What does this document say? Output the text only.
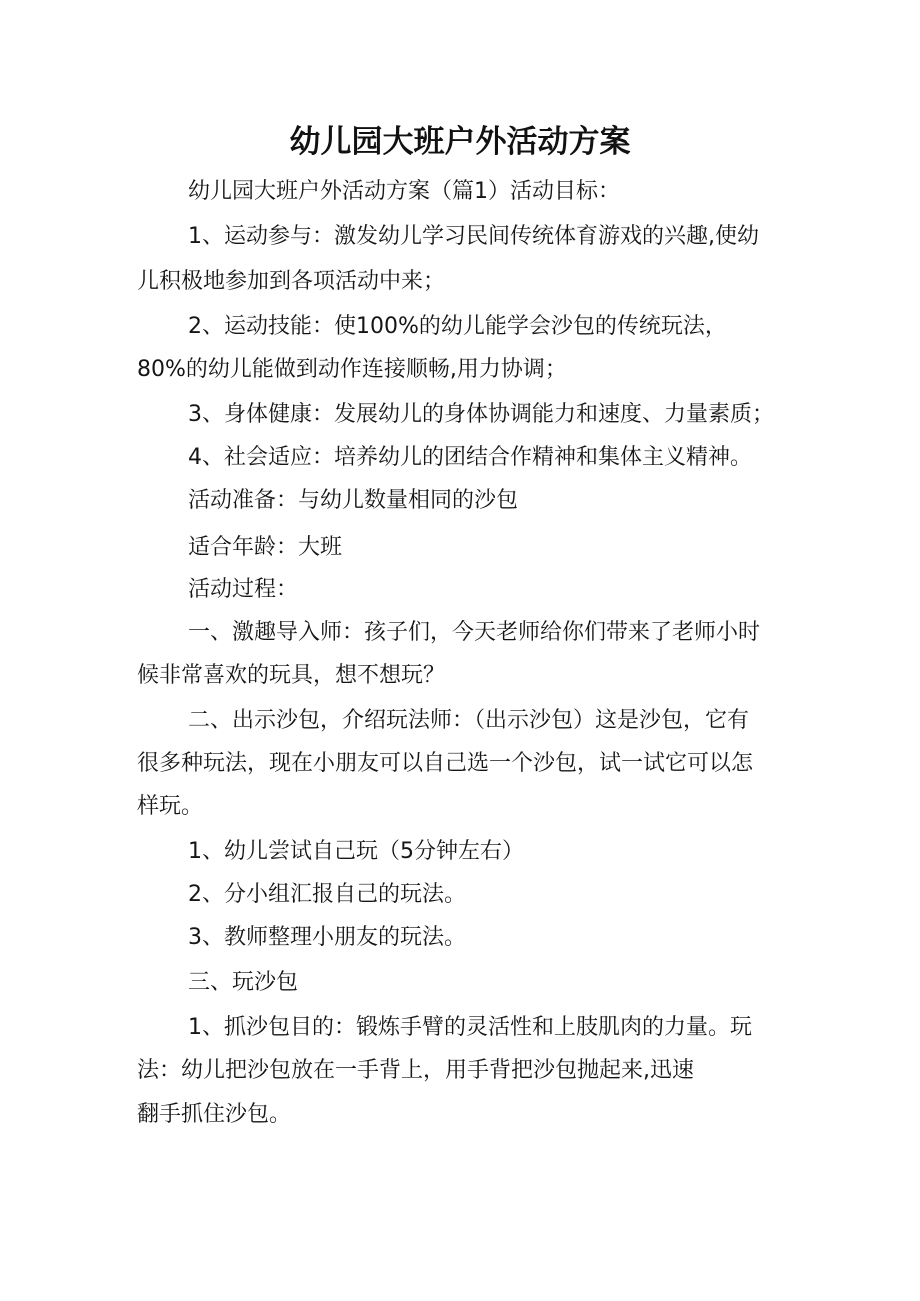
幼儿园大班户外活动方案
幼儿园大班户外活动方案（篇1）活动目标：
1、运动参与：激发幼儿学习民间传统体育游戏的兴趣,使幼
儿积极地参加到各项活动中来；
2、运动技能：使100%的幼儿能学会沙包的传统玩法，
80%的幼儿能做到动作连接顺畅,用力协调；
3、身体健康：发展幼儿的身体协调能力和速度、力量素质；
4、社会适应：培养幼儿的团结合作精神和集体主义精神。
活动准备：与幼儿数量相同的沙包
适合年龄：大班
活动过程：
一、激趣导入师：孩子们，今天老师给你们带来了老师小时
候非常喜欢的玩具，想不想玩？
二、出示沙包，介绍玩法师：（出示沙包）这是沙包，它有
很多种玩法，现在小朋友可以自己选一个沙包，试一试它可以怎
样玩。
1、幼儿尝试自己玩（5分钟左右）
2、分小组汇报自己的玩法。
3、教师整理小朋友的玩法。
三、玩沙包
1、抓沙包目的：锻炼手臂的灵活性和上肢肌肉的力量。玩
法：幼儿把沙包放在一手背上，用手背把沙包抛起来,迅速
翻手抓住沙包。
